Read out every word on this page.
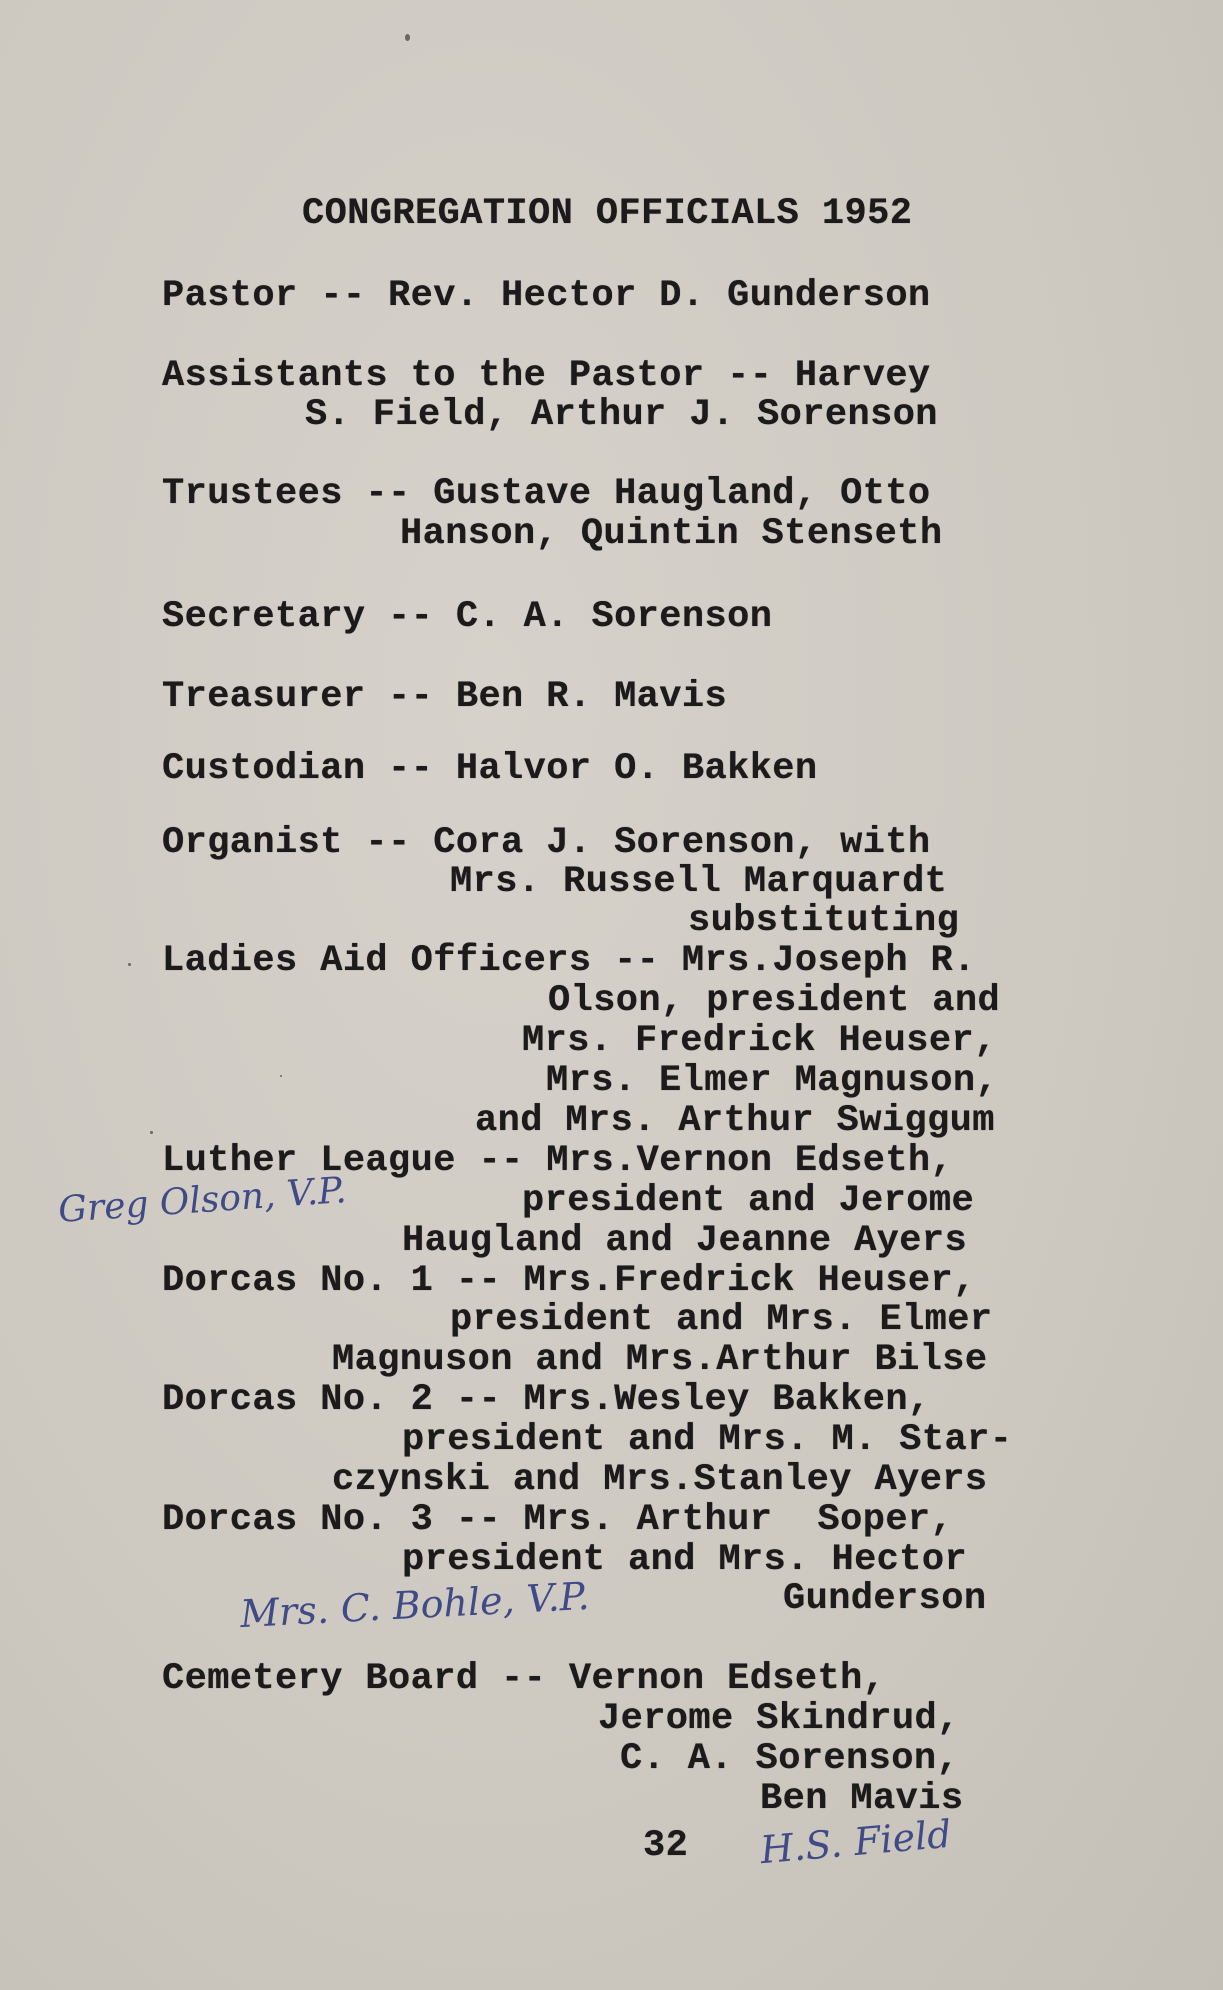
CONGREGATION OFFICIALS 1952
Pastor -- Rev. Hector D. Gunderson
Assistants to the Pastor -- Harvey
S. Field, Arthur J. Sorenson
Trustees -- Gustave Haugland, Otto
Hanson, Quintin Stenseth
Secretary -- C. A. Sorenson
Treasurer -- Ben R. Mavis
Custodian -- Halvor O. Bakken
Organist -- Cora J. Sorenson, with
Mrs. Russell Marquardt
substituting
Ladies Aid Officers -- Mrs.Joseph R.
Olson, president and
Mrs. Fredrick Heuser,
Mrs. Elmer Magnuson,
and Mrs. Arthur Swiggum
Luther League -- Mrs.Vernon Edseth,
president and Jerome
Haugland and Jeanne Ayers
Dorcas No. 1 -- Mrs.Fredrick Heuser,
president and Mrs. Elmer
Magnuson and Mrs.Arthur Bilse
Dorcas No. 2 -- Mrs.Wesley Bakken,
president and Mrs. M. Star-
czynski and Mrs.Stanley Ayers
Dorcas No. 3 -- Mrs. Arthur  Soper,
president and Mrs. Hector
Gunderson
Cemetery Board -- Vernon Edseth,
Jerome Skindrud,
C. A. Sorenson,
Ben Mavis
32
Greg Olson, V.P.
Mrs. C. Bohle, V.P.
H.S. Field
